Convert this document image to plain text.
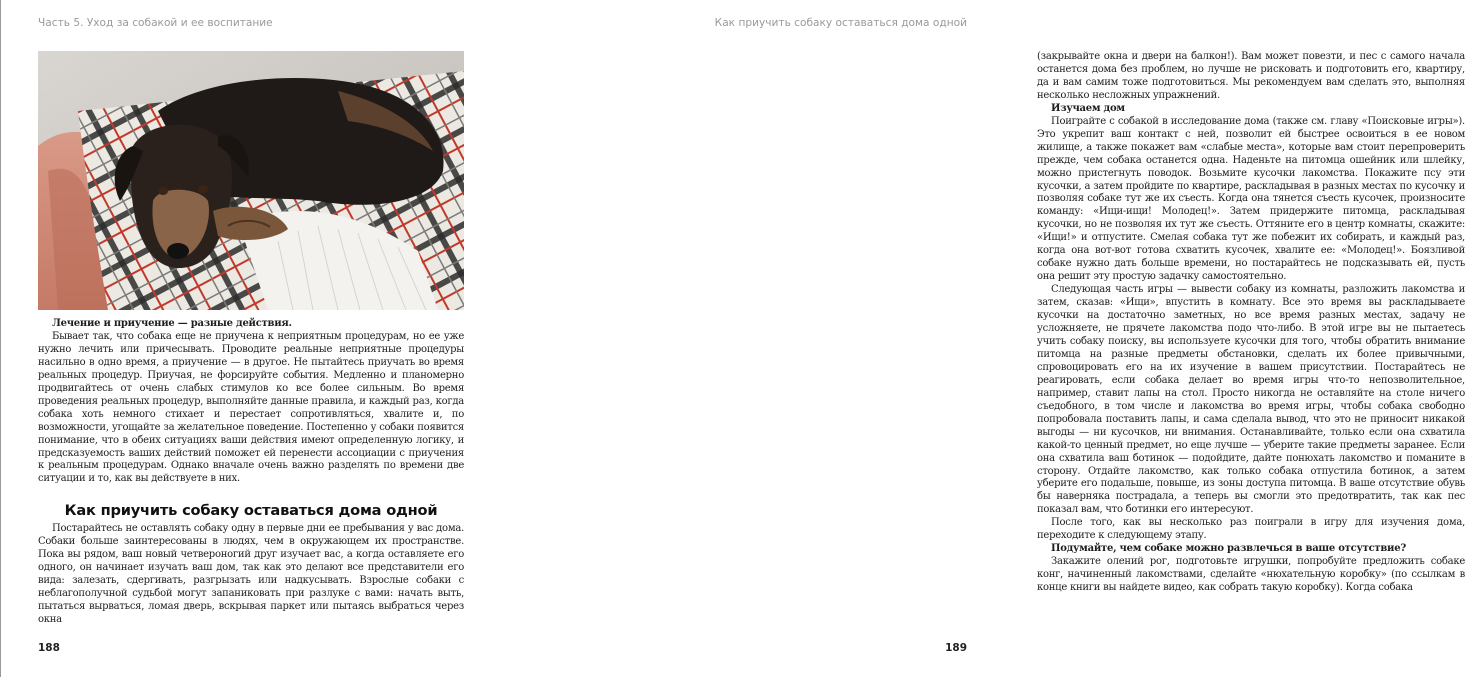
Часть 5. Уход за собакой и ее воспитание

Лечение и приучение — разные действия.

Бывает так, что собака еще не приучена к неприятным процедурам, но ее уже нужно лечить или причесывать. Проводите реальные неприятные процедуры насильно в одно время, а приучение — в другое. Не пытайтесь приучать во время реальных процедур. Приучая, не форсируйте события. Медленно и планомерно продвигайтесь от очень слабых стимулов ко все более сильным. Во время проведения реальных процедур, выполняйте данные правила, и каждый раз, когда собака хоть немного стихает и перестает сопротивляться, хвалите и, по возможности, угощайте за желательное поведение. Постепенно у собаки появится понимание, что в обеих ситуациях ваши действия имеют определенную логику, и предсказуемость ваших действий поможет ей перенести ассоциации с приучения к реальным процедурам. Однако вначале очень важно разделять по времени две ситуации и то, как вы действуете в них.

Как приучить собаку оставаться дома одной

Постарайтесь не оставлять собаку одну в первые дни ее пребывания у вас дома. Собаки больше заинтересованы в людях, чем в окружающем их пространстве. Пока вы рядом, ваш новый четвероногий друг изучает вас, а когда оставляете его одного, он начинает изучать ваш дом, так как это делают все представители его вида: залезать, сдергивать, разгрызать или надкусывать. Взрослые собаки с неблагополучной судьбой могут запаниковать при разлуке с вами: начать выть, пытаться вырваться, ломая дверь, вскрывая паркет или пытаясь выбраться через окна

188
Как приучить собаку оставаться дома одной

(закрывайте окна и двери на балкон!). Вам может повезти, и пес с самого начала останется дома без проблем, но лучше не рисковать и подготовить его, квартиру, да и вам самим тоже подготовиться. Мы рекомендуем вам сделать это, выполняя несколько несложных упражнений.

Изучаем дом

Поиграйте с собакой в исследование дома (также см. главу «Поисковые игры»). Это укрепит ваш контакт с ней, позволит ей быстрее освоиться в ее новом жилище, а также покажет вам «слабые места», которые вам стоит перепроверить прежде, чем собака останется одна. Наденьте на питомца ошейник или шлейку, можно пристегнуть поводок. Возьмите кусочки лакомства. Покажите псу эти кусочки, а затем пройдите по квартире, раскладывая в разных местах по кусочку и позволяя собаке тут же их съесть. Когда она тянется съесть кусочек, произносите команду: «Ищи-ищи! Молодец!». Затем придержите питомца, раскладывая кусочки, но не позволяя их тут же съесть. Оттяните его в центр комнаты, скажите: «Ищи!» и отпустите. Смелая собака тут же побежит их собирать, и каждый раз, когда она вот-вот готова схватить кусочек, хвалите ее: «Молодец!». Боязливой собаке нужно дать больше времени, но постарайтесь не подсказывать ей, пусть она решит эту простую задачку самостоятельно.

Следующая часть игры — вывести собаку из комнаты, разложить лакомства и затем, сказав: «Ищи», впустить в комнату. Все это время вы раскладываете кусочки на достаточно заметных, но все время разных местах, задачу не усложняете, не прячете лакомства подо что-либо. В этой игре вы не пытаетесь учить собаку поиску, вы используете кусочки для того, чтобы обратить внимание питомца на разные предметы обстановки, сделать их более привычными, спровоцировать его на их изучение в вашем присутствии. Постарайтесь не реагировать, если собака делает во время игры что-то непозволительное, например, ставит лапы на стол. Просто никогда не оставляйте на столе ничего съедобного, в том числе и лакомства во время игры, чтобы собака свободно попробовала поставить лапы, и сама сделала вывод, что это не приносит никакой выгоды — ни кусочков, ни внимания. Останавливайте, только если она схватила какой-то ценный предмет, но еще лучше — уберите такие предметы заранее. Если она схватила ваш ботинок — подойдите, дайте понюхать лакомство и поманите в сторону. Отдайте лакомство, как только собака отпустила ботинок, а затем уберите его подальше, повыше, из зоны доступа питомца. В ваше отсутствие обувь бы наверняка пострадала, а теперь вы смогли это предотвратить, так как пес показал вам, что ботинки его интересуют.

После того, как вы несколько раз поиграли в игру для изучения дома, переходите к следующему этапу.

Подумайте, чем собаке можно развлечься в ваше отсутствие?

Закажите олений рог, подготовьте игрушки, попробуйте предложить собаке конг, начиненный лакомствами, сделайте «нюхательную коробку» (по ссылкам в конце книги вы найдете видео, как собрать такую коробку). Когда собака

189
